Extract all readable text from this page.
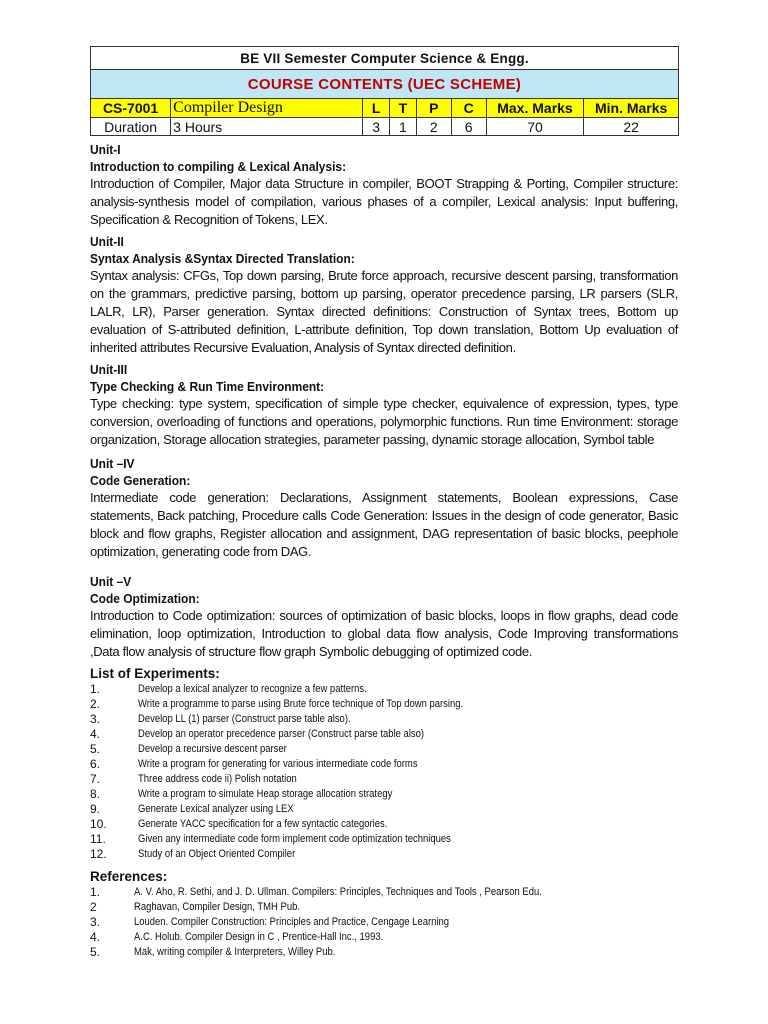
BE VII Semester Computer Science & Engg.							
COURSE CONTENTS (UEC SCHEME)							
CS-7001	Compiler Design	L	T	P	C	Max. Marks	Min. Marks
Duration	3 Hours	3	1	2	6	70	22

Unit-I

Introduction to compiling & Lexical Analysis:

Introduction of Compiler, Major data Structure in compiler, BOOT Strapping & Porting, Compiler structure: analysis-synthesis model of compilation, various phases of a compiler, Lexical analysis: Input buffering, Specification & Recognition of Tokens, LEX.

Unit-II

Syntax Analysis &Syntax Directed Translation:

Syntax analysis: CFGs, Top down parsing, Brute force approach, recursive descent parsing, transformation on the grammars, predictive parsing, bottom up parsing, operator precedence parsing, LR parsers (SLR, LALR, LR), Parser generation. Syntax directed definitions: Construction of Syntax trees, Bottom up evaluation of S-attributed definition, L-attribute definition, Top down translation, Bottom Up evaluation of inherited attributes Recursive Evaluation, Analysis of Syntax directed definition.

Unit-III

Type Checking & Run Time Environment:

Type checking: type system, specification of simple type checker, equivalence of expression, types, type conversion, overloading of functions and operations, polymorphic functions. Run time Environment: storage organization, Storage allocation strategies, parameter passing, dynamic storage allocation, Symbol table

Unit –IV

Code Generation:

Intermediate code generation: Declarations, Assignment statements, Boolean expressions, Case statements, Back patching, Procedure calls Code Generation: Issues in the design of code generator, Basic block and flow graphs, Register allocation and assignment, DAG representation of basic blocks, peephole optimization, generating code from DAG.

Unit –V

Code Optimization:

Introduction to Code optimization: sources of optimization of basic blocks, loops in flow graphs, dead code elimination, loop optimization, Introduction to global data flow analysis, Code Improving transformations ,Data flow analysis of structure flow graph Symbolic debugging of optimized code.

List of Experiments:

1.	Develop a lexical analyzer to recognize a few patterns.
2.	Write a programme to parse using Brute force technique of Top down parsing.
3.	Develop LL (1) parser (Construct parse table also).
4.	Develop an operator precedence parser (Construct parse table also)
5.	Develop a recursive descent parser
6.	Write a program for generating for various intermediate code forms
7.	Three address code ii) Polish notation
8.	Write a program to simulate Heap storage allocation strategy
9.	Generate Lexical analyzer using LEX
10.	Generate YACC specification for a few syntactic categories.
11.	Given any intermediate code form implement code optimization techniques
12.	Study of an Object Oriented Compiler

References:

1.	A. V. Aho, R. Sethi, and J. D. Ullman. Compilers: Principles, Techniques and Tools , Pearson Edu.
2	Raghavan, Compiler Design, TMH Pub.
3.	Louden. Compiler Construction: Principles and Practice, Cengage Learning
4.	A.C. Holub. Compiler Design in C , Prentice-Hall Inc., 1993.
5.	Mak, writing compiler & Interpreters, Willey Pub.
